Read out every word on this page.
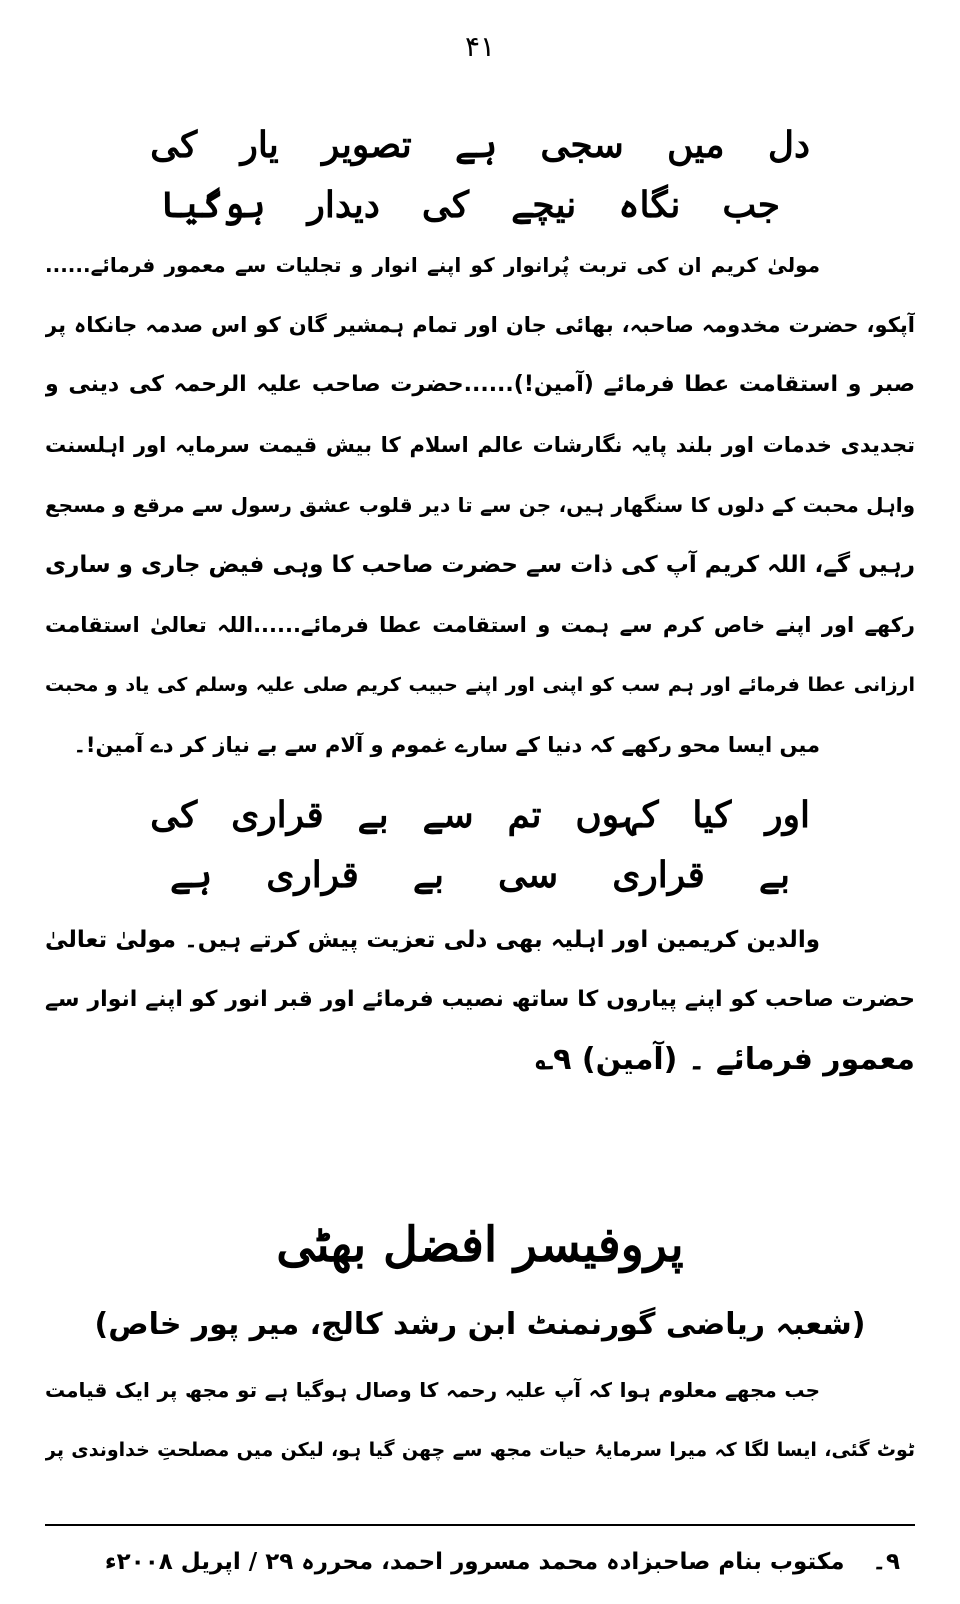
۴۱
دل
میں
سجی
ہے
تصویر
یار
کی
جب
نگاہ
نیچے
کی
دیدار
ہوگیا
مولیٰ کریم ان کی تربت پُرانوار کو اپنے انوار و تجلیات سے معمور فرمائے......
آپکو، حضرت مخدومہ صاحبہ، بھائی جان اور تمام ہمشیر گان کو اس صدمہ جانکاہ پر
صبر و استقامت عطا فرمائے (آمین!)......حضرت صاحب علیہ الرحمہ کی دینی و
تجدیدی خدمات اور بلند پایہ نگارشات عالم اسلام کا بیش قیمت سرمایہ اور اہلسنت
واہل محبت کے دلوں کا سنگھار ہیں، جن سے تا دیر قلوب عشق رسول سے مرقع و مسجع
رہیں گے، اللہ کریم آپ کی ذات سے حضرت صاحب کا وہی فیض جاری و ساری
رکھے اور اپنے خاص کرم سے ہمت و استقامت عطا فرمائے......اللہ تعالیٰ استقامت
ارزانی عطا فرمائے اور ہم سب کو اپنی اور اپنے حبیب کریم صلی علیہ وسلم کی یاد و محبت
میں ایسا محو رکھے کہ دنیا کے سارے غموم و آلام سے بے نیاز کر دے آمین!۔
اور
کیا
کہوں
تم
سے
بے
قراری
کی
بے
قراری
سی
بے
قراری
ہے
والدین کریمین اور اہلیہ بھی دلی تعزیت پیش کرتے ہیں۔ مولیٰ تعالیٰ
حضرت صاحب کو اپنے پیاروں کا ساتھ نصیب فرمائے اور قبر انور کو اپنے انوار سے
معمور فرمائے ۔ (آمین) ۹؎
پروفیسر افضل بھٹی
(شعبہ ریاضی گورنمنٹ ابن رشد کالج، میر پور خاص)
جب مجھے معلوم ہوا کہ آپ علیہ رحمہ کا وصال ہوگیا ہے تو مجھ پر ایک قیامت
ٹوٹ گئی، ایسا لگا کہ میرا سرمایۂ حیات مجھ سے چھن گیا ہو، لیکن میں مصلحتِ خداوندی پر
۹۔مکتوب بنام صاحبزادہ محمد مسرور احمد، محررہ ۲۹ / اپریل ۲۰۰۸ء
